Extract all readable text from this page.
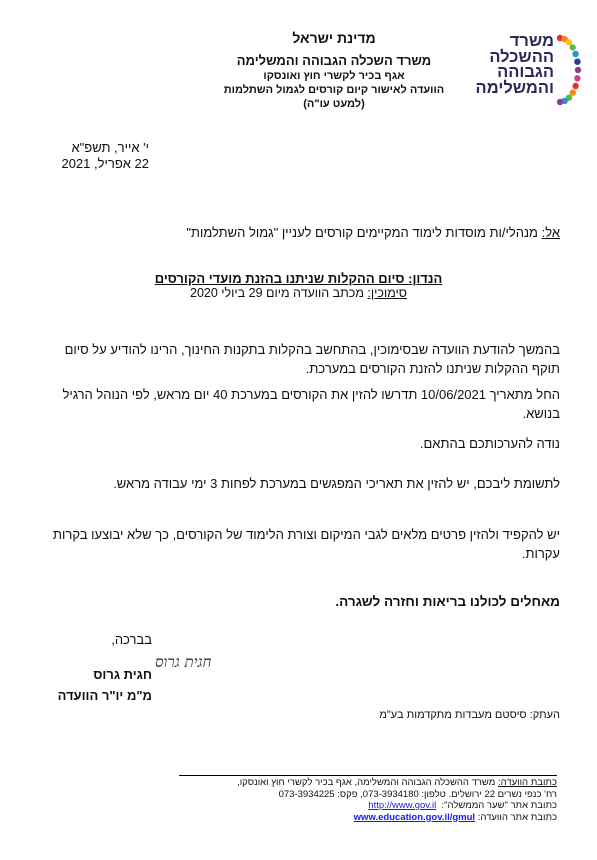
מדינת ישראל
משרד השכלה הגבוהה והמשלימה
אגף בכיר לקשרי חוץ ואונסקו
הוועדה לאישור קיום קורסים לגמול השתלמות
(למעט עו"ה)
משרד
ההשכלה
הגבוהה
והמשלימה
י' אייר, תשפ"א
22 אפריל, 2021
אל: מנהלי/ות מוסדות לימוד המקיימים קורסים לעניין "גמול השתלמות"
הנדון: סיום ההקלות שניתנו בהזנת מועדי הקורסים
סימוכין: מכתב הוועדה מיום 29 ביולי 2020
בהמשך להודעת הוועדה שבסימוכין, בהתחשב בהקלות בתקנות החינוך, הרינו להודיע על סיום תוקף ההקלות שניתנו להזנת הקורסים במערכת.
החל מתאריך 10/06/2021 תדרשו להזין את הקורסים במערכת 40 יום מראש, לפי הנוהל הרגיל בנושא.
נודה להערכותכם בהתאם.
לתשומת ליבכם, יש להזין את תאריכי המפגשים במערכת לפחות 3 ימי עבודה מראש.
יש להקפיד ולהזין פרטים מלאים לגבי המיקום וצורת הלימוד של הקורסים, כך שלא יבוצעו בקרות עקרות.
מאחלים לכולנו בריאות וחזרה לשגרה.
בברכה,
חגית גרוס
חגית גרוס
מ"מ יו"ר הוועדה
העתק: סיסטם מעבדות מתקדמות בע"מ
כתובת הוועדה: משרד ההשכלה הגבוהה והמשלימה, אגף בכיר לקשרי חוץ ואונסקו,
רח' כנפי נשרים 22 ירושלים. טלפון: 073-3934180, פקס: 073-3934225
כתובת אתר "שער הממשלה":  http://www.gov.il
כתובת אתר הוועדה: www.education.gov.il/gmul
